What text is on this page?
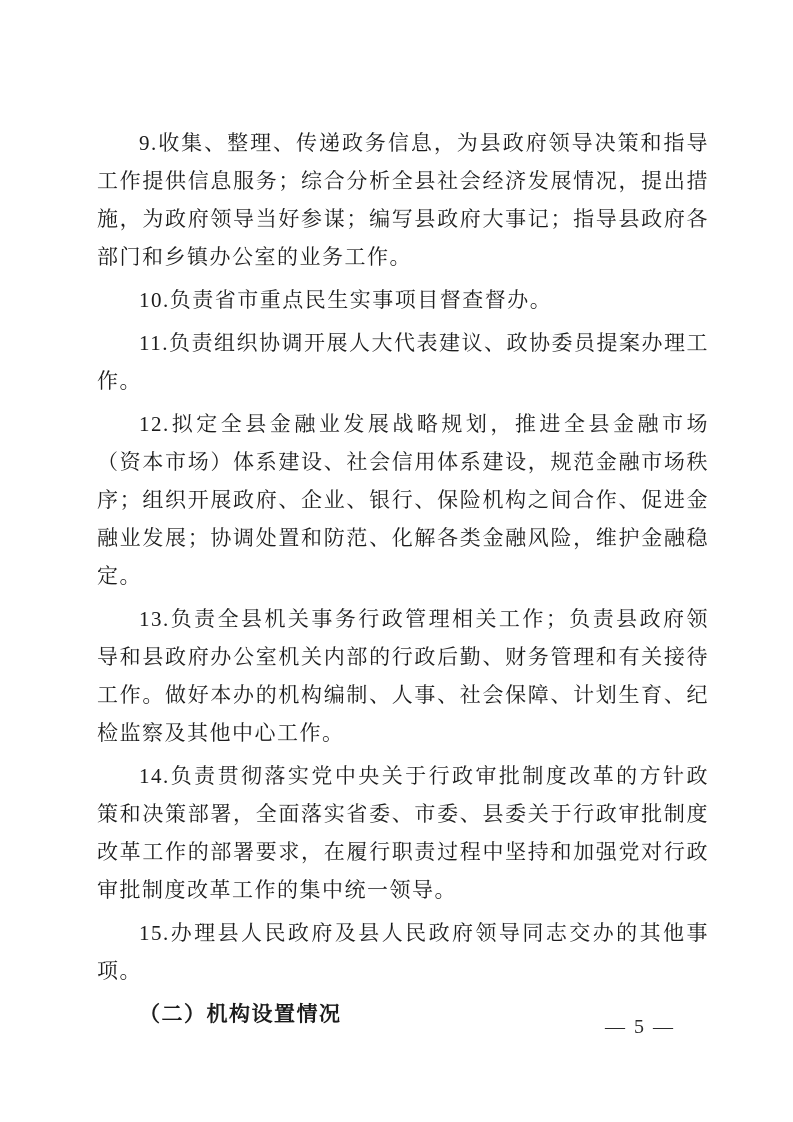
9.收集、整理、传递政务信息，为县政府领导决策和指导工作提供信息服务；综合分析全县社会经济发展情况，提出措施，为政府领导当好参谋；编写县政府大事记；指导县政府各部门和乡镇办公室的业务工作。

10.负责省市重点民生实事项目督查督办。

11.负责组织协调开展人大代表建议、政协委员提案办理工作。

12.拟定全县金融业发展战略规划，推进全县金融市场（资本市场）体系建设、社会信用体系建设，规范金融市场秩序；组织开展政府、企业、银行、保险机构之间合作、促进金融业发展；协调处置和防范、化解各类金融风险，维护金融稳定。

13.负责全县机关事务行政管理相关工作；负责县政府领导和县政府办公室机关内部的行政后勤、财务管理和有关接待工作。做好本办的机构编制、人事、社会保障、计划生育、纪检监察及其他中心工作。

14.负责贯彻落实党中央关于行政审批制度改革的方针政策和决策部署，全面落实省委、市委、县委关于行政审批制度改革工作的部署要求，在履行职责过程中坚持和加强党对行政审批制度改革工作的集中统一领导。

15.办理县人民政府及县人民政府领导同志交办的其他事项。

（二）机构设置情况

— 5 —
